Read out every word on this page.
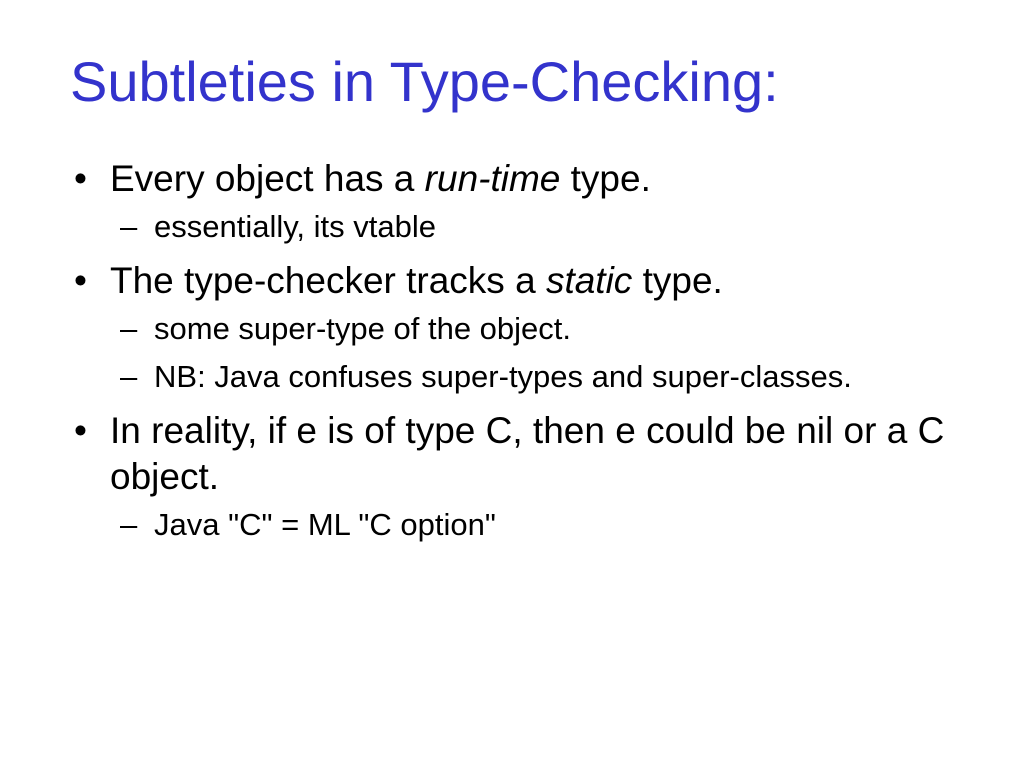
Subtleties in Type-Checking:
• Every object has a run-time type.
– essentially, its vtable
• The type-checker tracks a static type.
– some super-type of the object.
– NB: Java confuses super-types and super-classes.
• In reality, if e is of type C, then e could be nil or a C object.
– Java "C" = ML "C option"
